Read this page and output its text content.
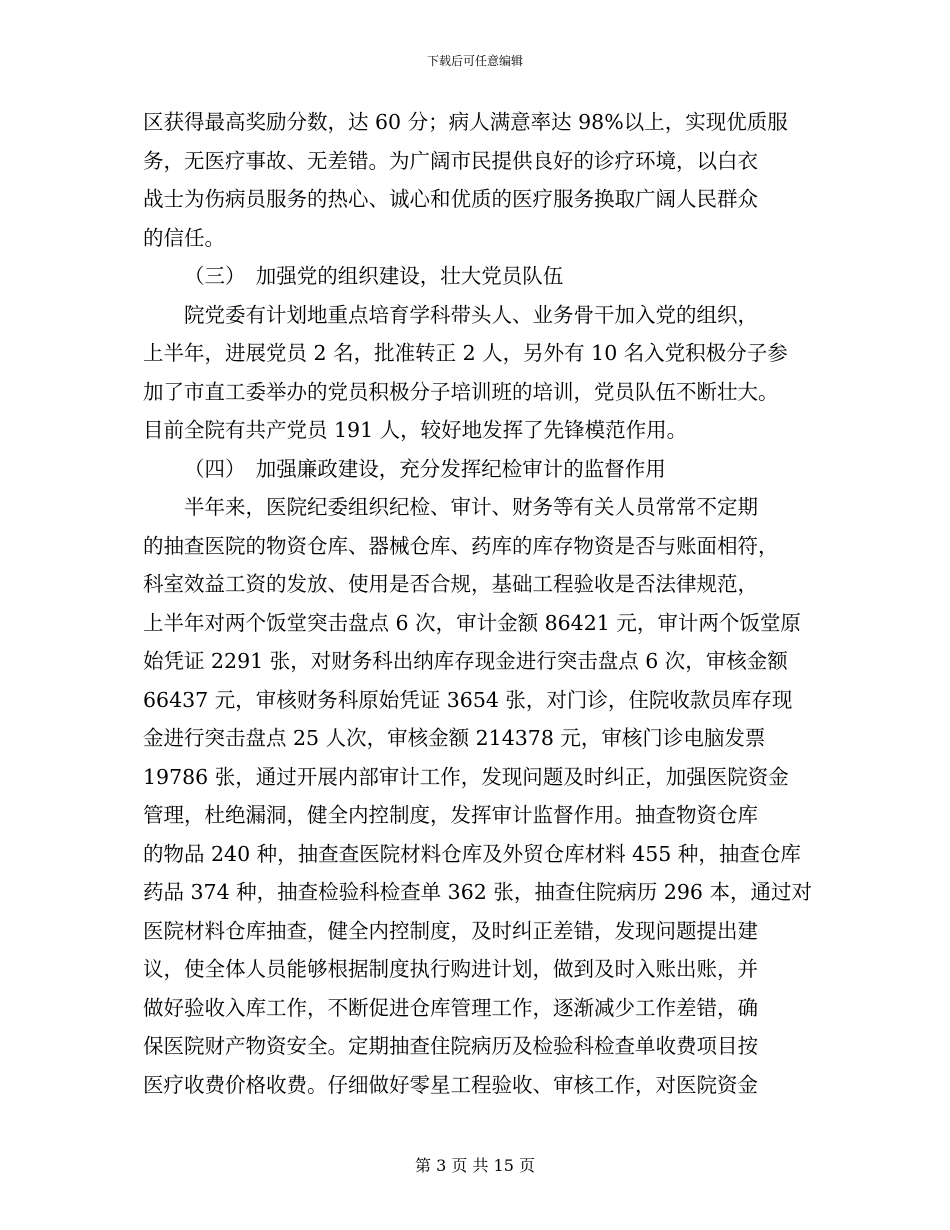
下载后可任意编辑
区获得最高奖励分数，达 60 分；病人满意率达 98%以上，实现优质服
务，无医疗事故、无差错。为广阔市民提供良好的诊疗环境，以白衣
战士为伤病员服务的热心、诚心和优质的医疗服务换取广阔人民群众
的信任。
（三）　加强党的组织建设，壮大党员队伍
院党委有计划地重点培育学科带头人、业务骨干加入党的组织，
上半年，进展党员 2 名，批准转正 2 人，另外有 10 名入党积极分子参
加了市直工委举办的党员积极分子培训班的培训，党员队伍不断壮大。
目前全院有共产党员 191 人，较好地发挥了先锋模范作用。
（四）　加强廉政建设，充分发挥纪检审计的监督作用
半年来，医院纪委组织纪检、审计、财务等有关人员常常不定期
的抽查医院的物资仓库、器械仓库、药库的库存物资是否与账面相符，
科室效益工资的发放、使用是否合规，基础工程验收是否法律规范，
上半年对两个饭堂突击盘点 6 次，审计金额 86421 元，审计两个饭堂原
始凭证 2291 张，对财务科出纳库存现金进行突击盘点 6 次，审核金额
66437 元，审核财务科原始凭证 3654 张，对门诊，住院收款员库存现
金进行突击盘点 25 人次，审核金额 214378 元，审核门诊电脑发票
19786 张，通过开展内部审计工作，发现问题及时纠正，加强医院资金
管理，杜绝漏洞，健全内控制度，发挥审计监督作用。抽查物资仓库
的物品 240 种，抽查查医院材料仓库及外贸仓库材料 455 种，抽查仓库
药品 374 种，抽查检验科检查单 362 张，抽查住院病历 296 本，通过对
医院材料仓库抽查，健全内控制度，及时纠正差错，发现问题提出建
议，使全体人员能够根据制度执行购进计划，做到及时入账出账，并
做好验收入库工作，不断促进仓库管理工作，逐渐减少工作差错，确
保医院财产物资安全。定期抽查住院病历及检验科检查单收费项目按
医疗收费价格收费。仔细做好零星工程验收、审核工作，对医院资金
第 3 页 共 15 页
